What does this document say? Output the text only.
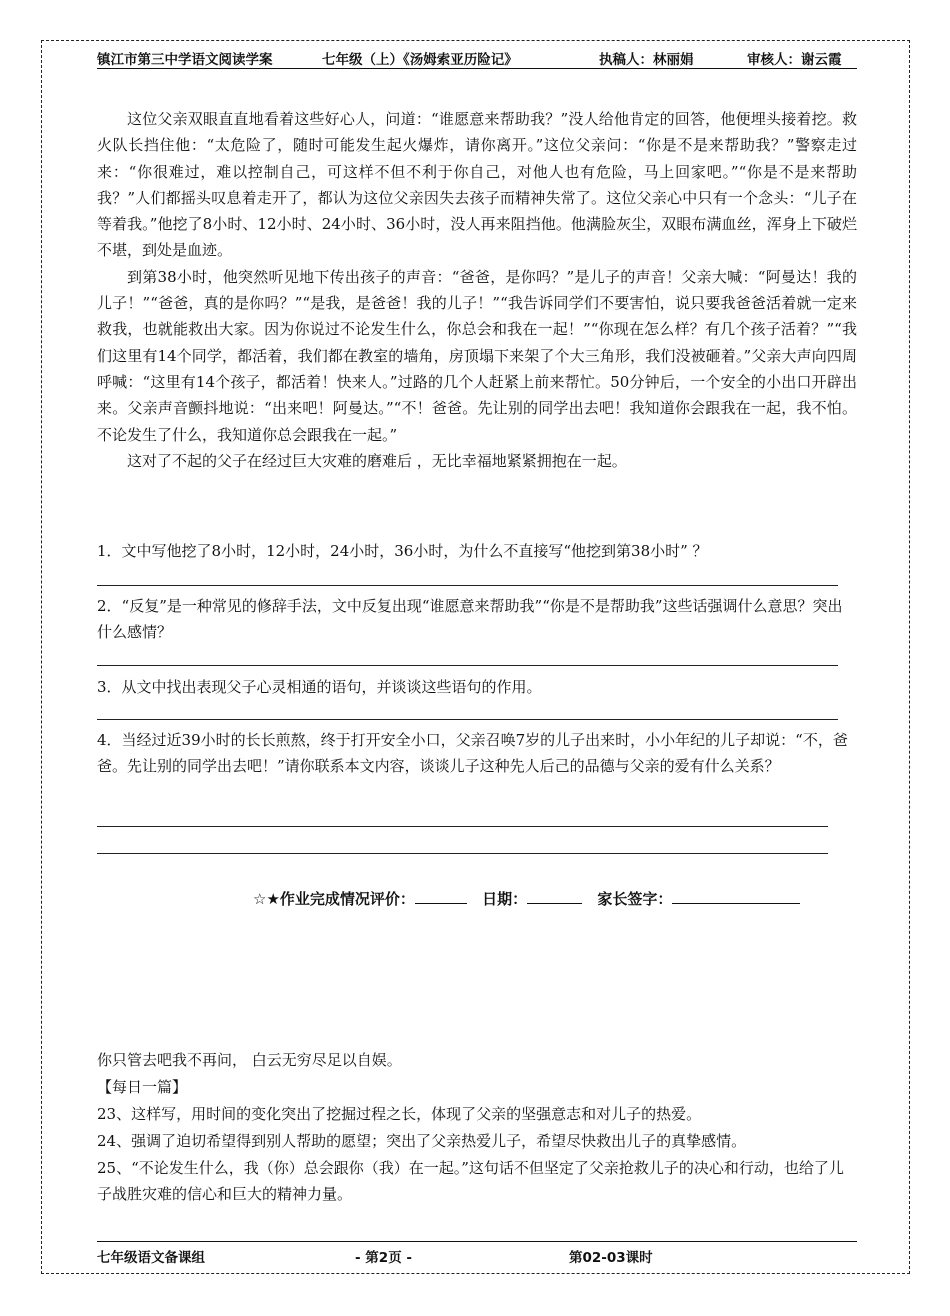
镇江市第三中学语文阅读学案	七年级（上）《汤姆索亚历险记》	执稿人：林丽娟	审核人：谢云霞

这位父亲双眼直直地看着这些好心人，问道：“谁愿意来帮助我？”没人给他肯定的回答，他便埋头接着挖。救火队长挡住他：“太危险了，随时可能发生起火爆炸，请你离开。”这位父亲问：“你是不是来帮助我？”警察走过来：“你很难过，难以控制自己，可这样不但不利于你自己，对他人也有危险，马上回家吧。”“你是不是来帮助我？”人们都摇头叹息着走开了，都认为这位父亲因失去孩子而精神失常了。这位父亲心中只有一个念头：“儿子在等着我。”他挖了8小时、12小时、24小时、36小时，没人再来阻挡他。他满脸灰尘，双眼布满血丝，浑身上下破烂不堪，到处是血迹。

到第38小时，他突然听见地下传出孩子的声音：“爸爸，是你吗？”是儿子的声音！父亲大喊：“阿曼达！我的儿子！”“爸爸，真的是你吗？”“是我，是爸爸！我的儿子！”“我告诉同学们不要害怕，说只要我爸爸活着就一定来救我，也就能救出大家。因为你说过不论发生什么，你总会和我在一起！”“你现在怎么样？有几个孩子活着？”“我们这里有14个同学，都活着，我们都在教室的墙角，房顶塌下来架了个大三角形，我们没被砸着。”父亲大声向四周呼喊：“这里有14个孩子，都活着！快来人。”过路的几个人赶紧上前来帮忙。50分钟后，一个安全的小出口开辟出来。父亲声音颤抖地说：“出来吧！阿曼达。”“不！爸爸。先让别的同学出去吧！我知道你会跟我在一起，我不怕。不论发生了什么，我知道你总会跟我在一起。”

这对了不起的父子在经过巨大灾难的磨难后 ，无比幸福地紧紧拥抱在一起。

1．文中写他挖了8小时，12小时，24小时，36小时，为什么不直接写“他挖到第38小时” ？
2．“反复”是一种常见的修辞手法，文中反复出现“谁愿意来帮助我”“你是不是帮助我”这些话强调什么意思？突出什么感情？
3．从文中找出表现父子心灵相通的语句，并谈谈这些语句的作用。
4．当经过近39小时的长长煎熬，终于打开安全小口，父亲召唤7岁的儿子出来时，小小年纪的儿子却说：“不，爸爸。先让别的同学出去吧！”请你联系本文内容，谈谈儿子这种先人后己的品德与父亲的爱有什么关系？
☆★作业完成情况评价：	日期：	家长签字：
你只管去吧我不再问， 白云无穷尽足以自娱。
【每日一篇】
23、这样写，用时间的变化突出了挖掘过程之长，体现了父亲的坚强意志和对儿子的热爱。
24、强调了迫切希望得到别人帮助的愿望；突出了父亲热爱儿子，希望尽快救出儿子的真挚感情。
25、“不论发生什么，我（你）总会跟你（我）在一起。”这句话不但坚定了父亲抢救儿子的决心和行动，也给了儿子战胜灾难的信心和巨大的精神力量。
七年级语文备课组	- 第2页 -	第02-03课时
